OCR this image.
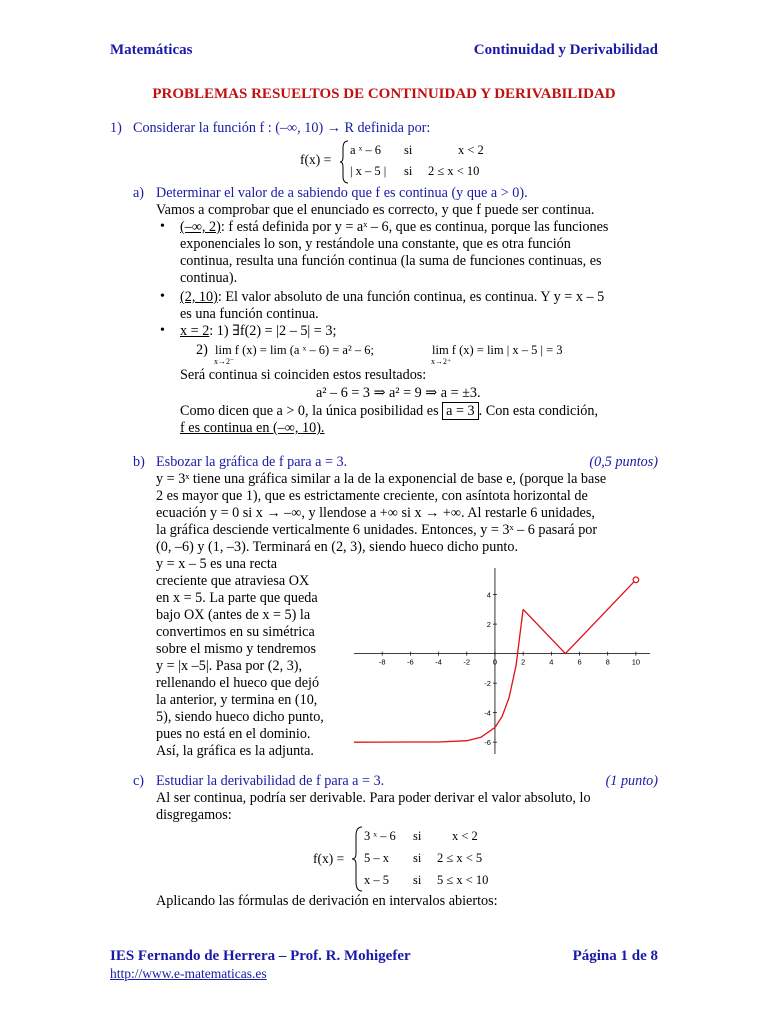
Matemáticas	Continuidad y Derivabilidad
PROBLEMAS RESUELTOS DE CONTINUIDAD Y DERIVABILIDAD
1) Considerar la función f : (–∞, 10) → R definida por:
f(x) =
a ˣ – 6 si	x < 2
| x – 5 | si 2 ≤ x < 10
a) Determinar el valor de a sabiendo que f es continua (y que a > 0).
Vamos a comprobar que el enunciado es correcto, y que f puede ser continua.
• (–∞, 2): f está definida por y = aˣ – 6, que es continua, porque las funciones
exponenciales lo son, y restándole una constante, que es otra función
continua, resulta una función continua (la suma de funciones continuas, es
continua).
• (2, 10): El valor absoluto de una función continua, es continua. Y y = x – 5
es una función continua.
• x = 2: 1) ∃f(2) = |2 – 5| = 3;
2) lim f (x) = lim (a ˣ – 6) = a² – 6;
x→2⁻
lim f (x) = lim | x – 5 | = 3
x→2⁺
Será continua si coinciden estos resultados:
a² – 6 = 3 ⇒ a² = 9 ⇒ a = ±3.
Como dicen que a > 0, la única posibilidad es a = 3 . Con esta condición,
f es continua en (–∞, 10).
b) Esbozar la gráfica de f para a = 3.	(0,5 puntos)
y = 3ˣ tiene una gráfica similar a la de la exponencial de base e, (porque la base
2 es mayor que 1), que es estrictamente creciente, con asíntota horizontal de
ecuación y = 0 si x → –∞, y llendose a +∞ si x → +∞. Al restarle 6 unidades,
la gráfica desciende verticalmente 6 unidades. Entonces, y = 3ˣ – 6 pasará por
(0, –6) y (1, –3). Terminará en (2, 3), siendo hueco dicho punto.
y = x – 5 es una recta
creciente que atraviesa OX
en x = 5. La parte que queda
bajo OX (antes de x = 5) la
convertimos en su simétrica
sobre el mismo y tendremos
y = |x –5|. Pasa por (2, 3),
rellenando el hueco que dejó
la anterior, y termina en (10,
5), siendo hueco dicho punto,
pues no está en el dominio.
Así, la gráfica es la adjunta.
-8	-6	-4	-2	0	2	4	6	8	10
-6
-4
-2
2
4
c) Estudiar la derivabilidad de f para a = 3.	(1 punto)
Al ser continua, podría ser derivable. Para poder derivar el valor absoluto, lo
disgregamos:
f(x) =
3 ˣ – 6 si x < 2
5 – x si 2 ≤ x < 5
x – 5 si 5 ≤ x < 10
Aplicando las fórmulas de derivación en intervalos abiertos:
IES Fernando de Herrera – Prof. R. Mohigefer	Página 1 de 8
http://www.e-matematicas.es
